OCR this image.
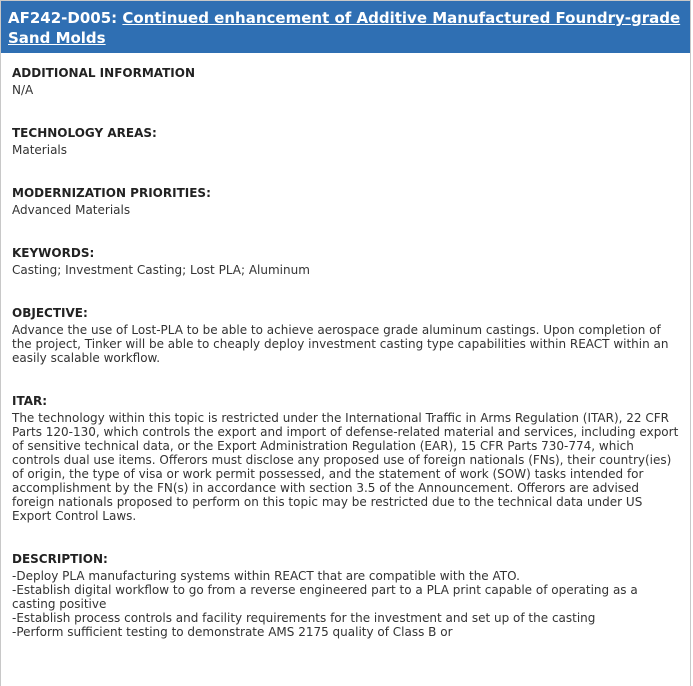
AF242-D005: Continued enhancement of Additive Manufactured Foundry-grade Sand Molds
ADDITIONAL INFORMATION
N/A
TECHNOLOGY AREAS:
Materials
MODERNIZATION PRIORITIES:
Advanced Materials
KEYWORDS:
Casting; Investment Casting; Lost PLA; Aluminum
OBJECTIVE:
Advance the use of Lost-PLA to be able to achieve aerospace grade aluminum castings. Upon completion of the project, Tinker will be able to cheaply deploy investment casting type capabilities within REACT within an easily scalable workflow.
ITAR:
The technology within this topic is restricted under the International Traffic in Arms Regulation (ITAR), 22 CFR Parts 120-130, which controls the export and import of defense-related material and services, including export of sensitive technical data, or the Export Administration Regulation (EAR), 15 CFR Parts 730-774, which controls dual use items. Offerors must disclose any proposed use of foreign nationals (FNs), their country(ies) of origin, the type of visa or work permit possessed, and the statement of work (SOW) tasks intended for accomplishment by the FN(s) in accordance with section 3.5 of the Announcement. Offerors are advised foreign nationals proposed to perform on this topic may be restricted due to the technical data under US Export Control Laws.
DESCRIPTION:
-Deploy PLA manufacturing systems within REACT that are compatible with the ATO.
-Establish digital workflow to go from a reverse engineered part to a PLA print capable of operating as a casting positive
-Establish process controls and facility requirements for the investment and set up of the casting
-Perform sufficient testing to demonstrate AMS 2175 quality of Class B or
